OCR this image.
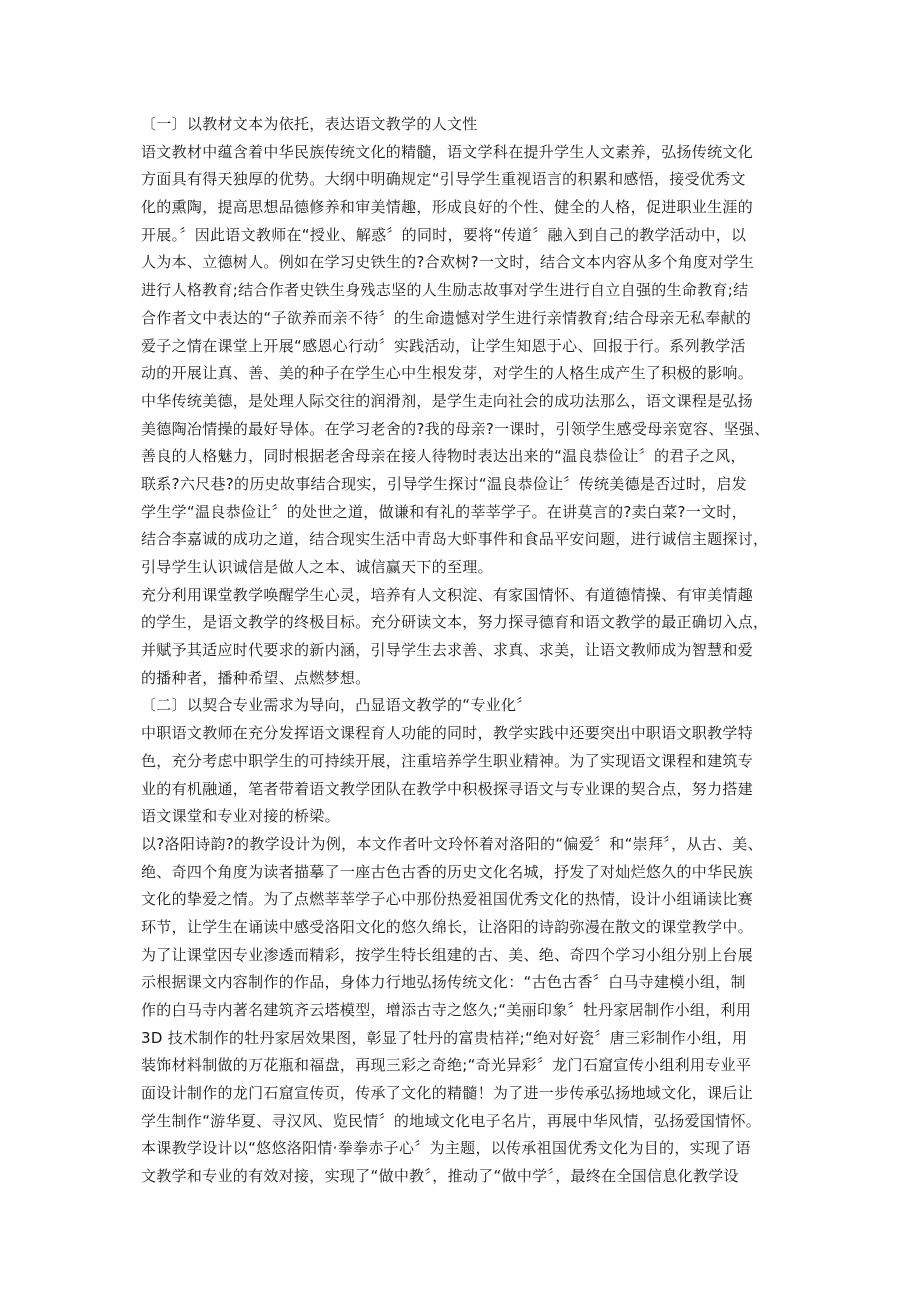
〔一〕以教材文本为依托，表达语文教学的人文性
语文教材中蕴含着中华民族传统文化的精髓，语文学科在提升学生人文素养，弘扬传统文化
方面具有得天独厚的优势。大纲中明确规定“引导学生重视语言的积累和感悟，接受优秀文
化的熏陶，提高思想品德修养和审美情趣，形成良好的个性、健全的人格，促进职业生涯的
开展。〞因此语文教师在“授业、解惑〞的同时，要将“传道〞融入到自己的教学活动中，以
人为本、立德树人。例如在学习史铁生的?合欢树?一文时，结合文本内容从多个角度对学生
进行人格教育;结合作者史铁生身残志坚的人生励志故事对学生进行自立自强的生命教育;结
合作者文中表达的“子欲养而亲不待〞的生命遗憾对学生进行亲情教育;结合母亲无私奉献的
爱子之情在课堂上开展“感恩心行动〞实践活动，让学生知恩于心、回报于行。系列教学活
动的开展让真、善、美的种子在学生心中生根发芽，对学生的人格生成产生了积极的影响。
中华传统美德，是处理人际交往的润滑剂，是学生走向社会的成功法那么，语文课程是弘扬
美德陶冶情操的最好导体。在学习老舍的?我的母亲?一课时，引领学生感受母亲宽容、坚强、
善良的人格魅力，同时根据老舍母亲在接人待物时表达出来的“温良恭俭让〞的君子之风，
联系?六尺巷?的历史故事结合现实，引导学生探讨“温良恭俭让〞传统美德是否过时，启发
学生学“温良恭俭让〞的处世之道，做谦和有礼的莘莘学子。在讲莫言的?卖白菜?一文时，
结合李嘉诚的成功之道，结合现实生活中青岛大虾事件和食品平安问题，进行诚信主题探讨，
引导学生认识诚信是做人之本、诚信赢天下的至理。
充分利用课堂教学唤醒学生心灵，培养有人文积淀、有家国情怀、有道德情操、有审美情趣
的学生，是语文教学的终极目标。充分研读文本，努力探寻德育和语文教学的最正确切入点，
并赋予其适应时代要求的新内涵，引导学生去求善、求真、求美，让语文教师成为智慧和爱
的播种者，播种希望、点燃梦想。
〔二〕以契合专业需求为导向，凸显语文教学的“专业化〞
中职语文教师在充分发挥语文课程育人功能的同时，教学实践中还要突出中职语文职教学特
色，充分考虑中职学生的可持续开展，注重培养学生职业精神。为了实现语文课程和建筑专
业的有机融通，笔者带着语文教学团队在教学中积极探寻语文与专业课的契合点，努力搭建
语文课堂和专业对接的桥梁。
以?洛阳诗韵?的教学设计为例，本文作者叶文玲怀着对洛阳的“偏爱〞和“崇拜〞，从古、美、
绝、奇四个角度为读者描摹了一座古色古香的历史文化名城，抒发了对灿烂悠久的中华民族
文化的挚爱之情。为了点燃莘莘学子心中那份热爱祖国优秀文化的热情，设计小组诵读比赛
环节，让学生在诵读中感受洛阳文化的悠久绵长，让洛阳的诗韵弥漫在散文的课堂教学中。
为了让课堂因专业渗透而精彩，按学生特长组建的古、美、绝、奇四个学习小组分别上台展
示根据课文内容制作的作品，身体力行地弘扬传统文化：“古色古香〞白马寺建模小组，制
作的白马寺内著名建筑齐云塔模型，增添古寺之悠久;“美丽印象〞牡丹家居制作小组，利用
3D 技术制作的牡丹家居效果图，彰显了牡丹的富贵桔祥;“绝对好瓷〞唐三彩制作小组，用
装饰材料制做的万花瓶和福盘，再现三彩之奇绝;“奇光异彩〞龙门石窟宣传小组利用专业平
面设计制作的龙门石窟宣传页，传承了文化的精髓！为了进一步传承弘扬地域文化，课后让
学生制作“游华夏、寻汉风、览民情〞的地域文化电子名片，再展中华风情，弘扬爱国情怀。
本课教学设计以“悠悠洛阳情·拳拳赤子心〞为主题，以传承祖国优秀文化为目的，实现了语
文教学和专业的有效对接，实现了“做中教〞，推动了“做中学〞，最终在全国信息化教学设
